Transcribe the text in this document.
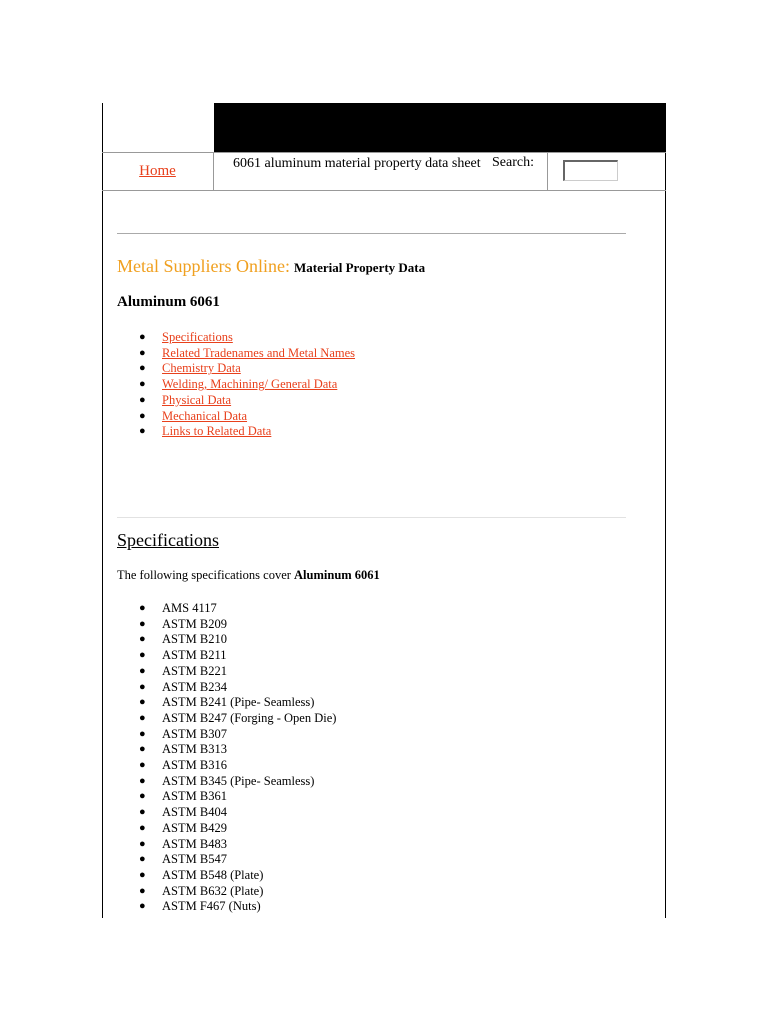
Home	6061 aluminum material property data sheet Search:
Metal Suppliers Online: Material Property Data
Aluminum 6061
● Specifications
● Related Tradenames and Metal Names
● Chemistry Data
● Welding, Machining/ General Data
● Physical Data
● Mechanical Data
● Links to Related Data
Specifications
The following specifications cover Aluminum 6061
● AMS 4117
● ASTM B209
● ASTM B210
● ASTM B211
● ASTM B221
● ASTM B234
● ASTM B241 (Pipe- Seamless)
● ASTM B247 (Forging - Open Die)
● ASTM B307
● ASTM B313
● ASTM B316
● ASTM B345 (Pipe- Seamless)
● ASTM B361
● ASTM B404
● ASTM B429
● ASTM B483
● ASTM B547
● ASTM B548 (Plate)
● ASTM B632 (Plate)
● ASTM F467 (Nuts)
